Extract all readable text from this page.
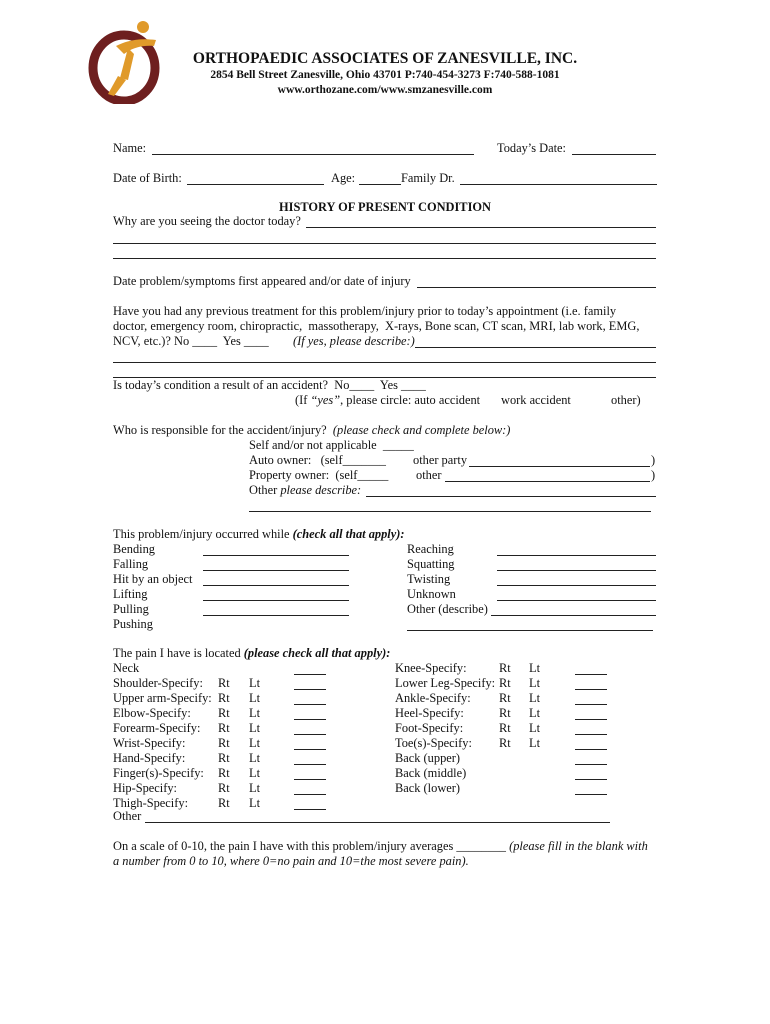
ORTHOPAEDIC ASSOCIATES OF ZANESVILLE, INC.
2854 Bell Street Zanesville, Ohio 43701 P:740-454-3273 F:740-588-1081
www.orthozane.com/www.smzanesville.com
Name:	Today’s Date:
Date of Birth:	Age:	Family Dr.
HISTORY OF PRESENT CONDITION
Why are you seeing the doctor today?
Date problem/symptoms first appeared and/or date of injury
Have you had any previous treatment for this problem/injury prior to today’s appointment (i.e. family
doctor, emergency room, chiropractic,  massotherapy,  X-rays, Bone scan, CT scan, MRI, lab work, EMG,
NCV, etc.)? No ____  Yes ____ (If yes, please describe:)
Is today’s condition a result of an accident?  No____  Yes ____
(If “yes”, please circle: auto accident work accident	other)
Who is responsible for the accident/injury? (please check and complete below:)
Self and/or not applicable  _____
Auto owner:   (self_______ other party	)
Property owner:  (self_____ other	)
Other please describe:
This problem/injury occurred while (check all that apply):
Bending
Falling
Hit by an object
Lifting
Pulling
Pushing
Reaching
Squatting
Twisting
Unknown
Other (describe)
The pain I have is located (please check all that apply):
Neck
Shoulder-Specify: Rt Lt
Upper arm-Specify: Rt Lt
Elbow-Specify: Rt Lt
Forearm-Specify: Rt Lt
Wrist-Specify:	Rt Lt
Hand-Specify:	Rt Lt
Finger(s)-Specify: Rt Lt
Hip-Specify:	Rt Lt
Thigh-Specify: Rt Lt
Knee-Specify:	Rt Lt
Lower Leg-Specify: Rt Lt
Ankle-Specify: Rt Lt
Heel-Specify:	Rt Lt
Foot-Specify:	Rt Lt
Toe(s)-Specify: Rt Lt
Back (upper)
Back (middle)
Back (lower)
Other
On a scale of 0-10, the pain I have with this problem/injury averages ________ (please fill in the blank with
a number from 0 to 10, where 0=no pain and 10=the most severe pain).
